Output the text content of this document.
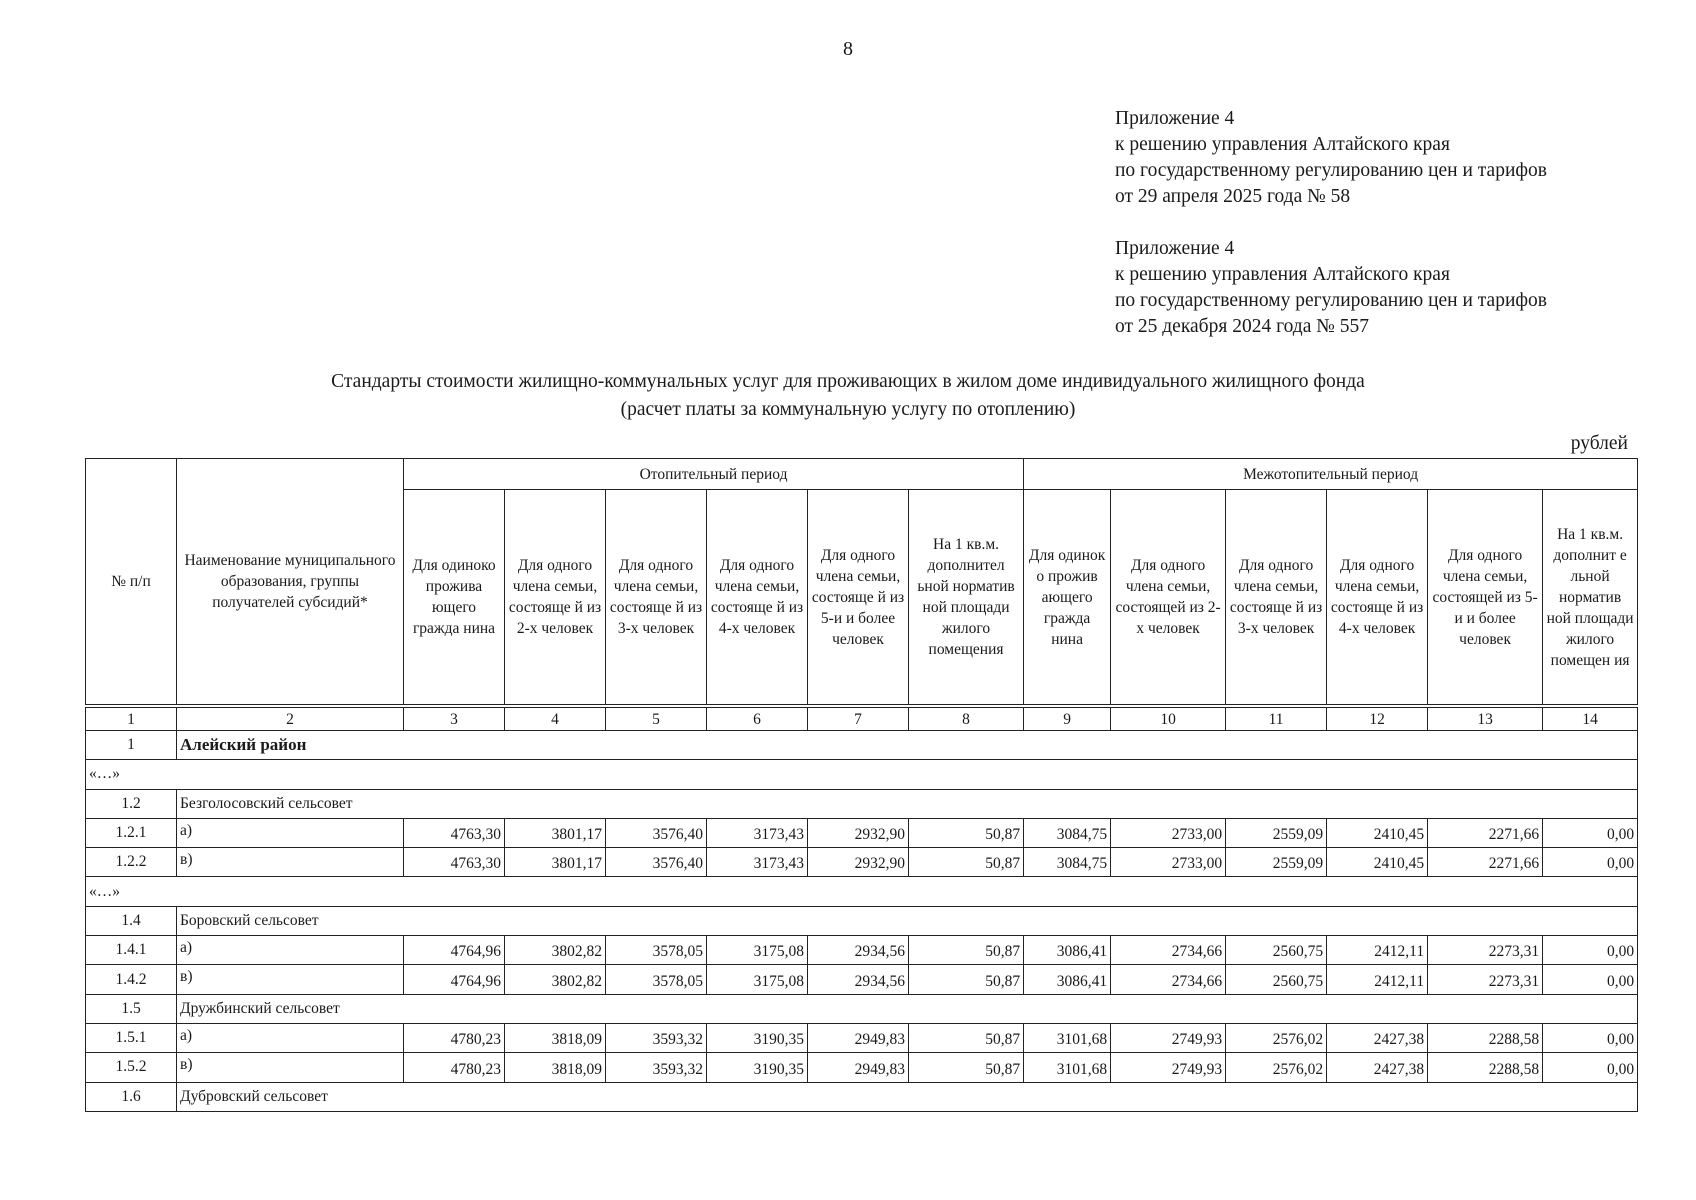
8
Приложение 4
к решению управления Алтайского края
по государственному регулированию цен и тарифов
от 29 апреля 2025 года № 58
Приложение 4
к решению управления Алтайского края
по государственному регулированию цен и тарифов
от 25 декабря 2024 года № 557
Стандарты стоимости жилищно-коммунальных услуг для проживающих в жилом доме индивидуального жилищного фонда
(расчет платы за коммунальную услугу по отоплению)
рублей
№ п/п	Наименование муниципального образования, группы получателей субсидий*	Отопительный период						Межотопительный период					
		Для одиноко прожива ющего гражда нина	Для одного члена семьи, состояще й из 2-х человек	Для одного члена семьи, состояще й из 3-х человек	Для одного члена семьи, состояще й из 4-х человек	Для одного члена семьи, состояще й из 5-и и более человек	На 1 кв.м. дополнител ьной норматив ной площади жилого помещения	Для одинок о прожив ающего гражда нина	Для одного члена семьи, состоящей из 2-х человек	Для одного члена семьи, состояще й из 3-х человек	Для одного члена семьи, состояще й из 4-х человек	Для одного члена семьи, состоящей из 5-и и более человек	На 1 кв.м. дополнит е льной норматив ной площади жилого помещен ия
1	2	3	4	5	6	7	8	9	10	11	12	13	14
1	Алейский район												
«…»													
1.2	Безголосовский сельсовет												
1.2.1	а)	4763,30	3801,17	3576,40	3173,43	2932,90	50,87	3084,75	2733,00	2559,09	2410,45	2271,66	0,00
1.2.2	в)	4763,30	3801,17	3576,40	3173,43	2932,90	50,87	3084,75	2733,00	2559,09	2410,45	2271,66	0,00
«…»													
1.4	Боровский сельсовет												
1.4.1	а)	4764,96	3802,82	3578,05	3175,08	2934,56	50,87	3086,41	2734,66	2560,75	2412,11	2273,31	0,00
1.4.2	в)	4764,96	3802,82	3578,05	3175,08	2934,56	50,87	3086,41	2734,66	2560,75	2412,11	2273,31	0,00
1.5	Дружбинский сельсовет												
1.5.1	а)	4780,23	3818,09	3593,32	3190,35	2949,83	50,87	3101,68	2749,93	2576,02	2427,38	2288,58	0,00
1.5.2	в)	4780,23	3818,09	3593,32	3190,35	2949,83	50,87	3101,68	2749,93	2576,02	2427,38	2288,58	0,00
1.6	Дубровский сельсовет												
